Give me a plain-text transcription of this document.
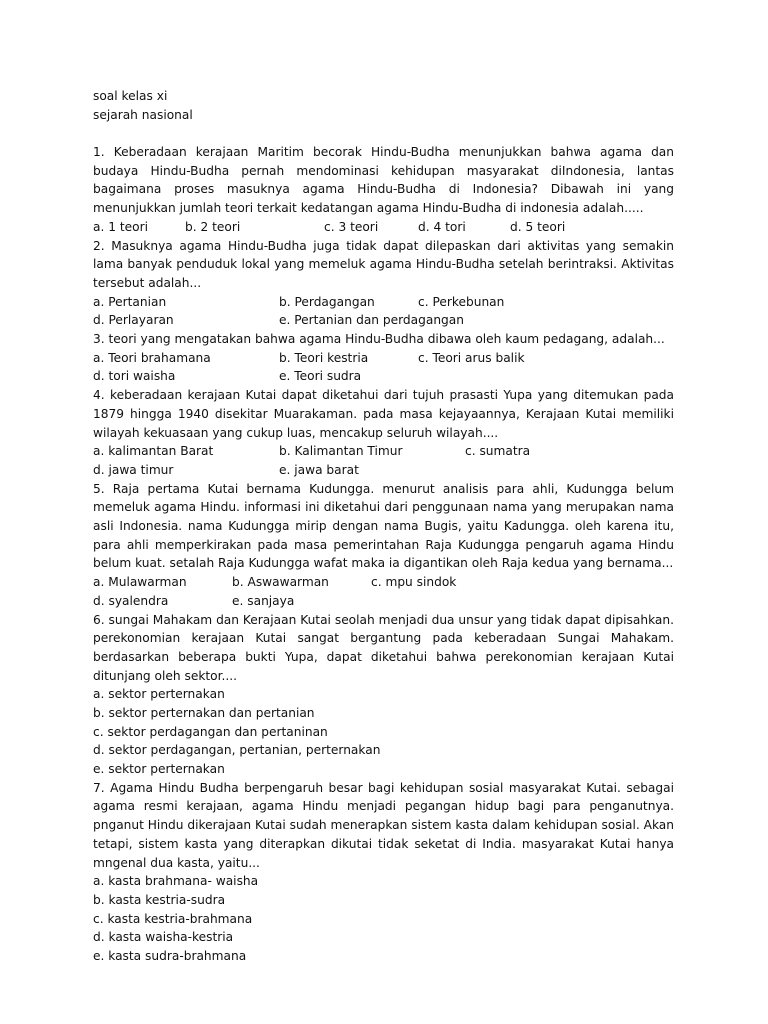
soal kelas xi
sejarah nasional
1. Keberadaan kerajaan Maritim becorak Hindu-Budha menunjukkan bahwa agama dan budaya Hindu-Budha pernah mendominasi kehidupan masyarakat diIndonesia, lantas bagaimana proses masuknya agama Hindu-Budha di Indonesia? Dibawah ini yang menunjukkan jumlah teori terkait kedatangan agama Hindu-Budha di indonesia adalah.....
a. 1 teori	b. 2 teori	c. 3 teori	d. 4 tori	d. 5 teori
2. Masuknya agama Hindu-Budha juga tidak dapat dilepaskan dari aktivitas yang semakin lama banyak penduduk lokal yang memeluk agama Hindu-Budha setelah berintraksi. Aktivitas tersebut adalah...
a. Pertanian	b. Perdagangan	c. Perkebunan
d. Perlayaran	e. Pertanian dan perdagangan
3. teori yang mengatakan bahwa agama Hindu-Budha dibawa oleh kaum pedagang, adalah...
a. Teori brahamana	b. Teori kestria	c. Teori arus balik
d. tori waisha	e. Teori sudra
4. keberadaan kerajaan Kutai dapat diketahui dari tujuh prasasti Yupa yang ditemukan pada 1879 hingga 1940 disekitar Muarakaman. pada masa kejayaannya, Kerajaan Kutai memiliki wilayah kekuasaan yang cukup luas, mencakup seluruh wilayah....
a. kalimantan Barat	b. Kalimantan Timur	c. sumatra
d. jawa timur	e. jawa barat
5. Raja pertama Kutai bernama Kudungga. menurut analisis para ahli, Kudungga belum memeluk agama Hindu. informasi ini diketahui dari penggunaan nama yang merupakan nama asli Indonesia. nama Kudungga mirip dengan nama Bugis, yaitu Kadungga. oleh karena itu, para ahli memperkirakan pada masa pemerintahan Raja Kudungga pengaruh agama Hindu belum kuat. setalah Raja Kudungga wafat maka ia digantikan oleh Raja kedua yang bernama...
a. Mulawarman	b. Aswawarman	c. mpu sindok
d. syalendra	e. sanjaya
6. sungai Mahakam dan Kerajaan Kutai seolah menjadi dua unsur yang tidak dapat dipisahkan. perekonomian kerajaan Kutai sangat bergantung pada keberadaan Sungai Mahakam. berdasarkan beberapa bukti Yupa, dapat diketahui bahwa perekonomian kerajaan Kutai ditunjang oleh sektor....
a. sektor perternakan
b. sektor perternakan dan pertanian
c. sektor perdagangan dan pertaninan
d. sektor perdagangan, pertanian, perternakan
e. sektor perternakan
7. Agama Hindu Budha berpengaruh besar bagi kehidupan sosial masyarakat Kutai. sebagai agama resmi kerajaan, agama Hindu menjadi pegangan hidup bagi para penganutnya. pnganut Hindu dikerajaan Kutai sudah menerapkan sistem kasta dalam kehidupan sosial. Akan tetapi, sistem kasta yang diterapkan dikutai tidak seketat di India. masyarakat Kutai hanya mngenal dua kasta, yaitu...
a. kasta brahmana- waisha
b. kasta kestria-sudra
c. kasta kestria-brahmana
d. kasta waisha-kestria
e. kasta sudra-brahmana
